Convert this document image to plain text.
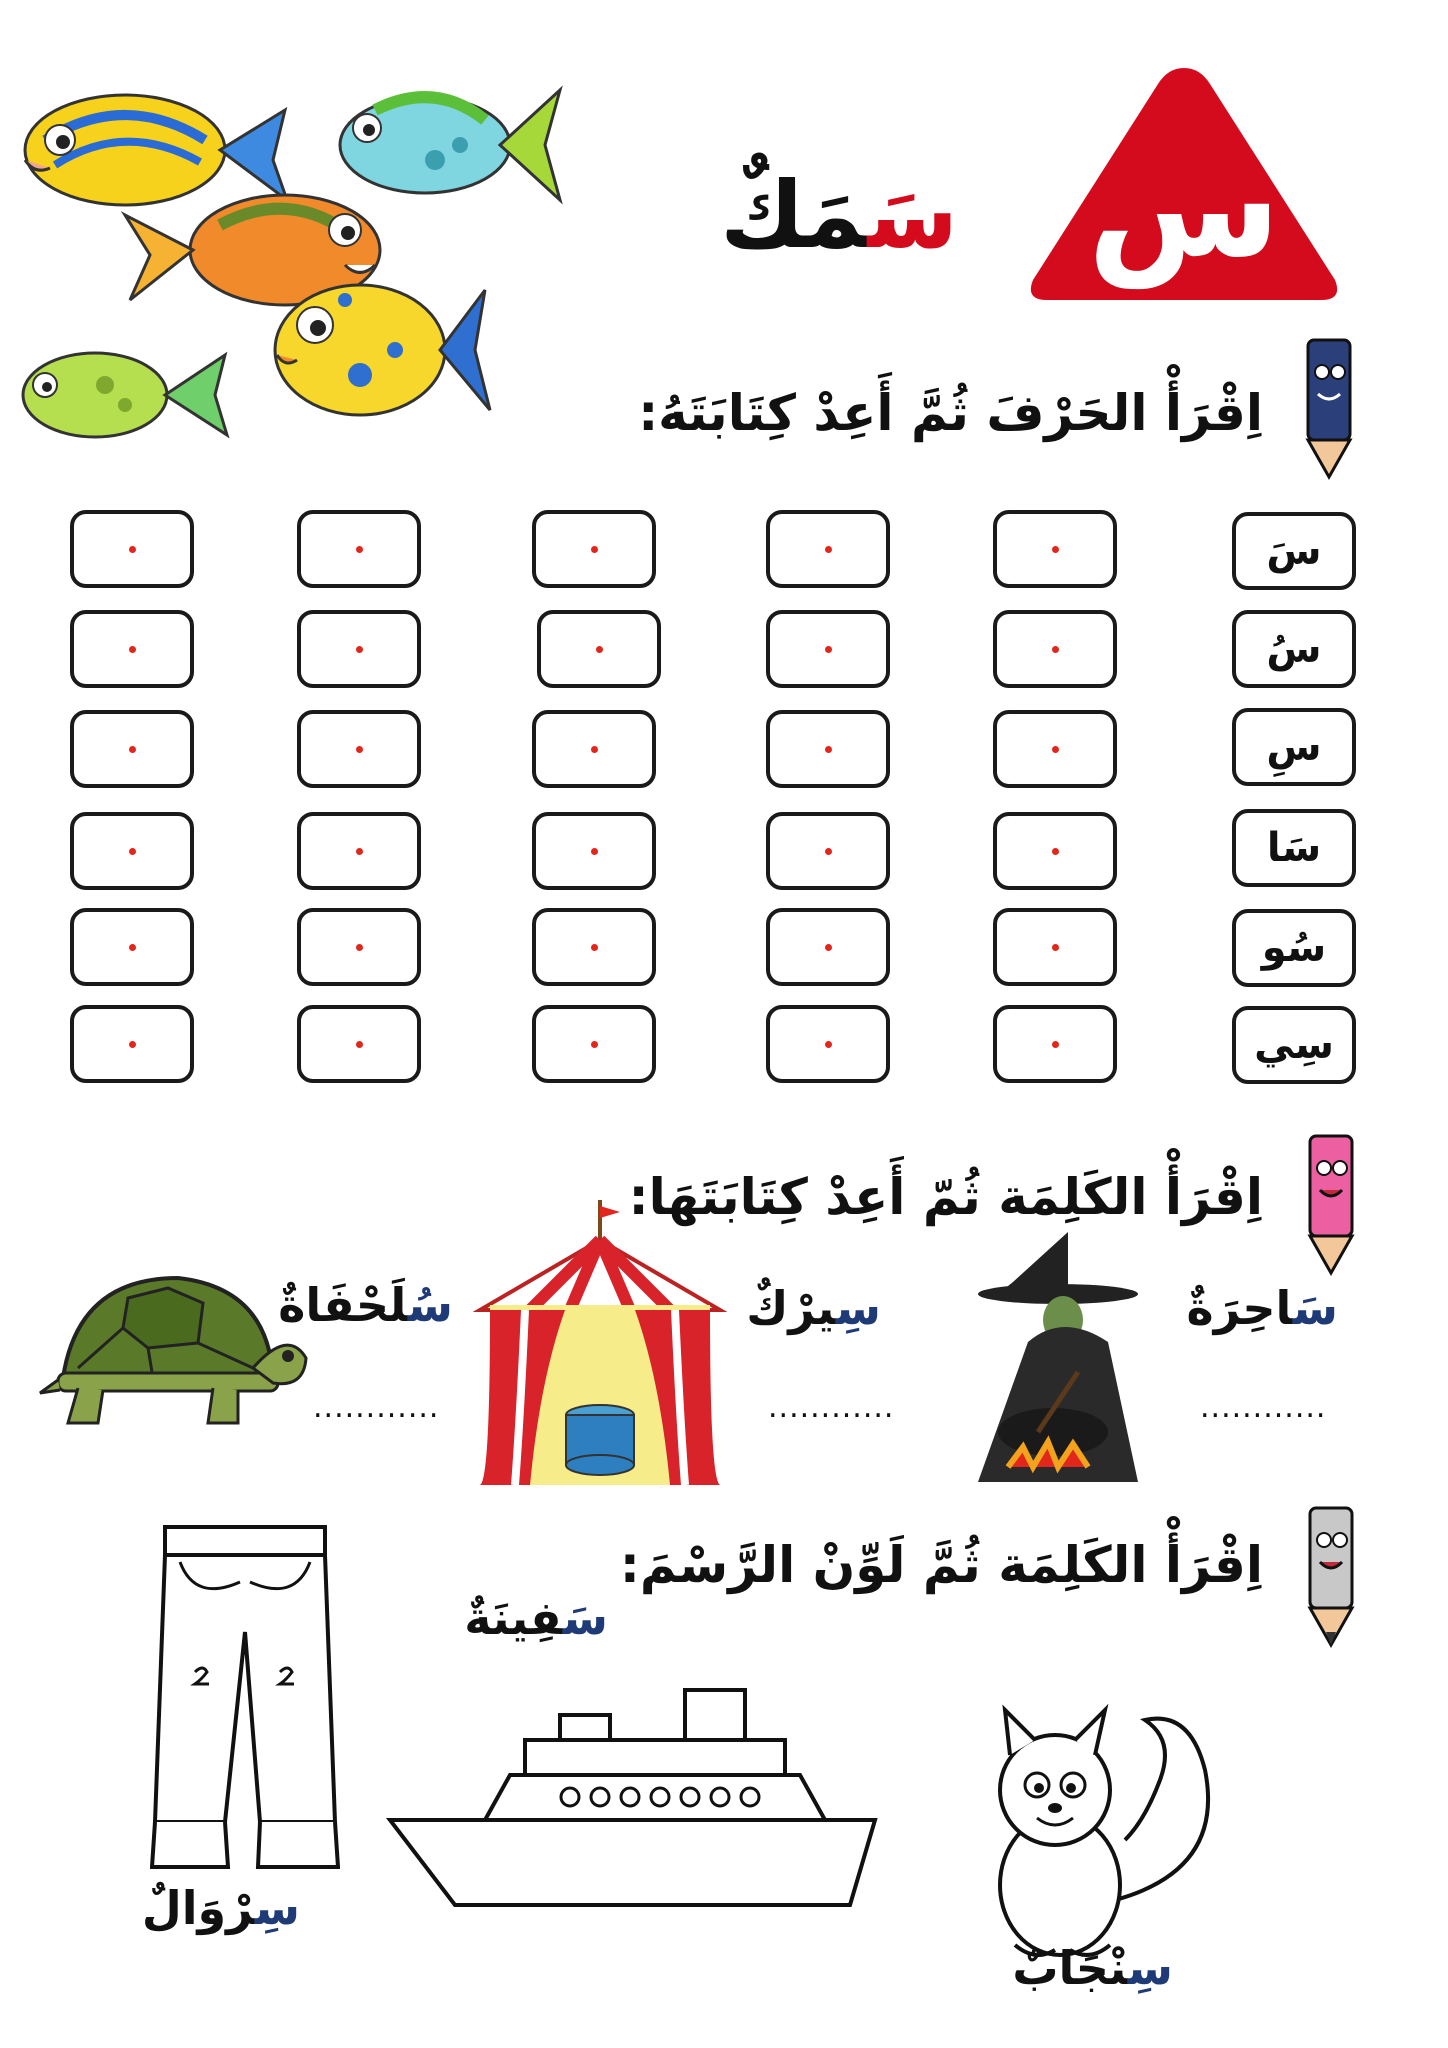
س
سَمَكٌ
اِقْرَأْ الحَرْفَ ثُمَّ أَعِدْ كِتَابَتَهُ:
سَ
سُ
سِ
سَا
سُو
سِي
اِقْرَأْ الكَلِمَة ثُمّ أَعِدْ كِتَابَتَهَا:
سَاحِرَةٌ
............
سِيرْكٌ
............
سُلَحْفَاةٌ
............
اِقْرَأْ الكَلِمَة ثُمَّ لَوِّنْ الرَّسْمَ:
سَفِينَةٌ
سِرْوَالٌ
سِنْجَابٌ
